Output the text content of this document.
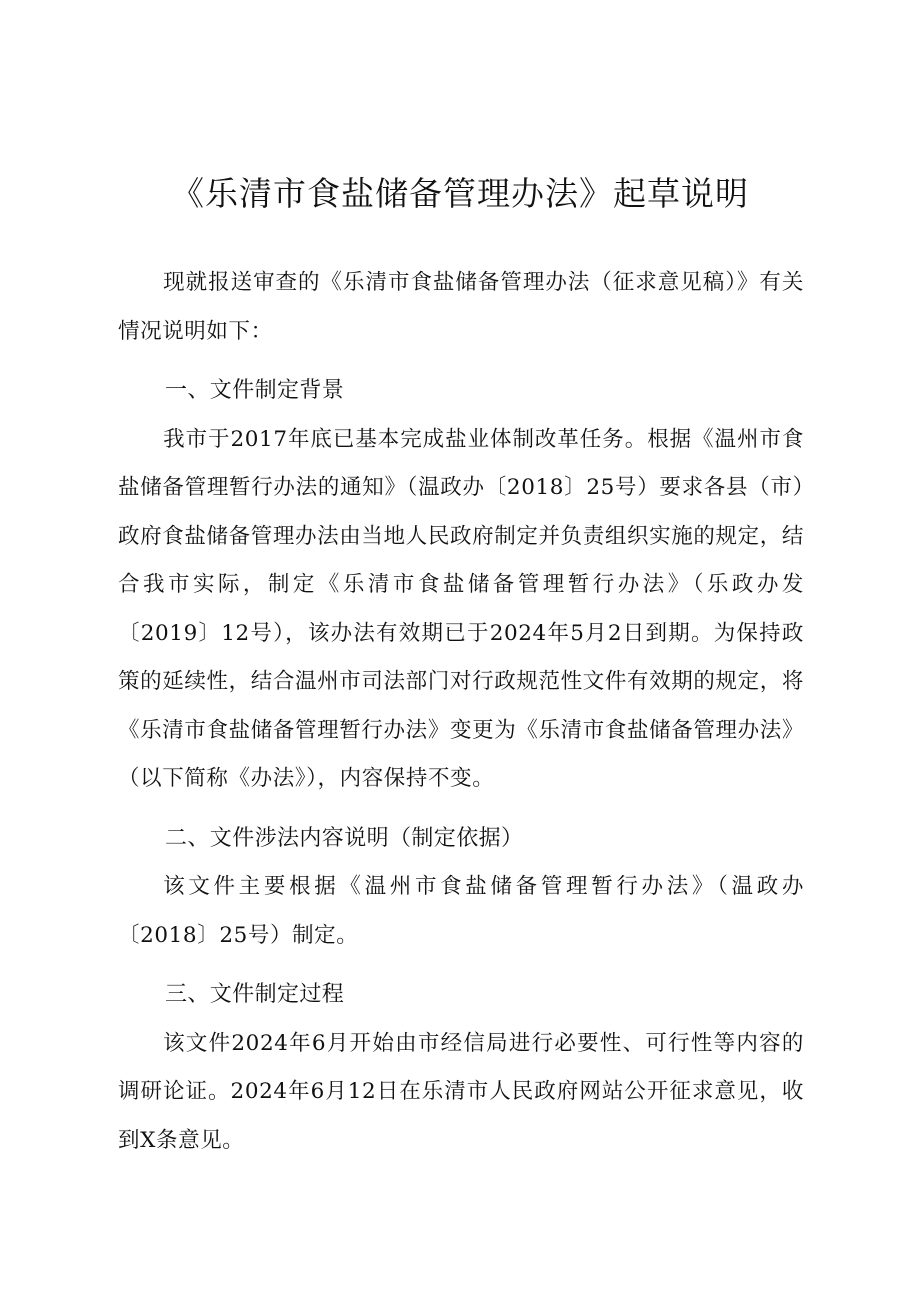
《乐清市食盐储备管理办法》起草说明

现就报送审查的《乐清市食盐储备管理办法（征求意见稿）》有关情况说明如下：

一、文件制定背景

我市于2017年底已基本完成盐业体制改革任务。根据《温州市食盐储备管理暂行办法的通知》（温政办〔2018〕25号）要求各县（市）政府食盐储备管理办法由当地人民政府制定并负责组织实施的规定，结合我市实际，制定《乐清市食盐储备管理暂行办法》（乐政办发〔2019〕12号），该办法有效期已于2024年5月2日到期。为保持政策的延续性，结合温州市司法部门对行政规范性文件有效期的规定，将《乐清市食盐储备管理暂行办法》变更为《乐清市食盐储备管理办法》（以下简称《办法》），内容保持不变。

二、文件涉法内容说明（制定依据）

该文件主要根据《温州市食盐储备管理暂行办法》（温政办〔2018〕25号）制定。

三、文件制定过程

该文件2024年6月开始由市经信局进行必要性、可行性等内容的调研论证。2024年6月12日在乐清市人民政府网站公开征求意见，收到X条意见。
